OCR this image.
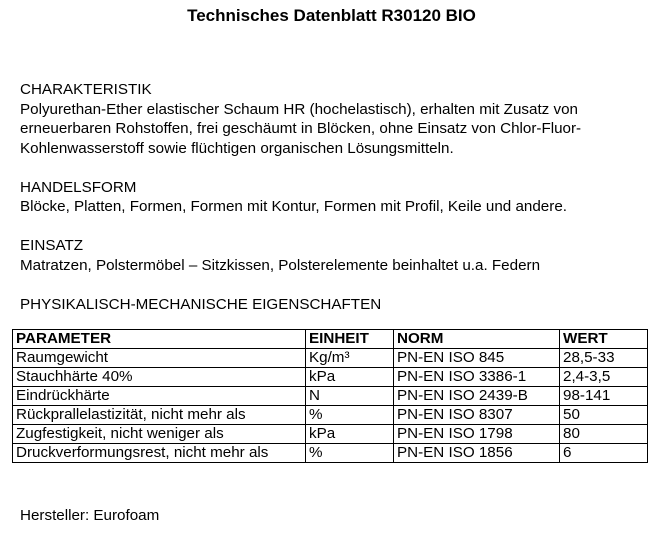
Technisches Datenblatt R30120 BIO

CHARAKTERISTIK

Polyurethan-Ether elastischer Schaum HR (hochelastisch), erhalten mit Zusatz von

erneuerbaren Rohstoffen, frei geschäumt in Blöcken, ohne Einsatz von Chlor-Fluor-

Kohlenwasserstoff sowie flüchtigen organischen Lösungsmitteln.

HANDELSFORM

Blöcke, Platten, Formen, Formen mit Kontur, Formen mit Profil, Keile und andere.

EINSATZ

Matratzen, Polstermöbel – Sitzkissen, Polsterelemente beinhaltet u.a. Federn

PHYSIKALISCH-MECHANISCHE EIGENSCHAFTEN

PARAMETER	EINHEIT	NORM	WERT
Raumgewicht	Kg/m³	PN-EN ISO 845	28,5-33
Stauchhärte 40%	kPa	PN-EN ISO 3386-1	2,4-3,5
Eindrückhärte	N	PN-EN ISO 2439-B	98-141
Rückprallelastizität, nicht mehr als	%	PN-EN ISO 8307	50
Zugfestigkeit, nicht weniger als	kPa	PN-EN ISO 1798	80
Druckverformungsrest, nicht mehr als	%	PN-EN ISO 1856	6
Hersteller: Eurofoam
